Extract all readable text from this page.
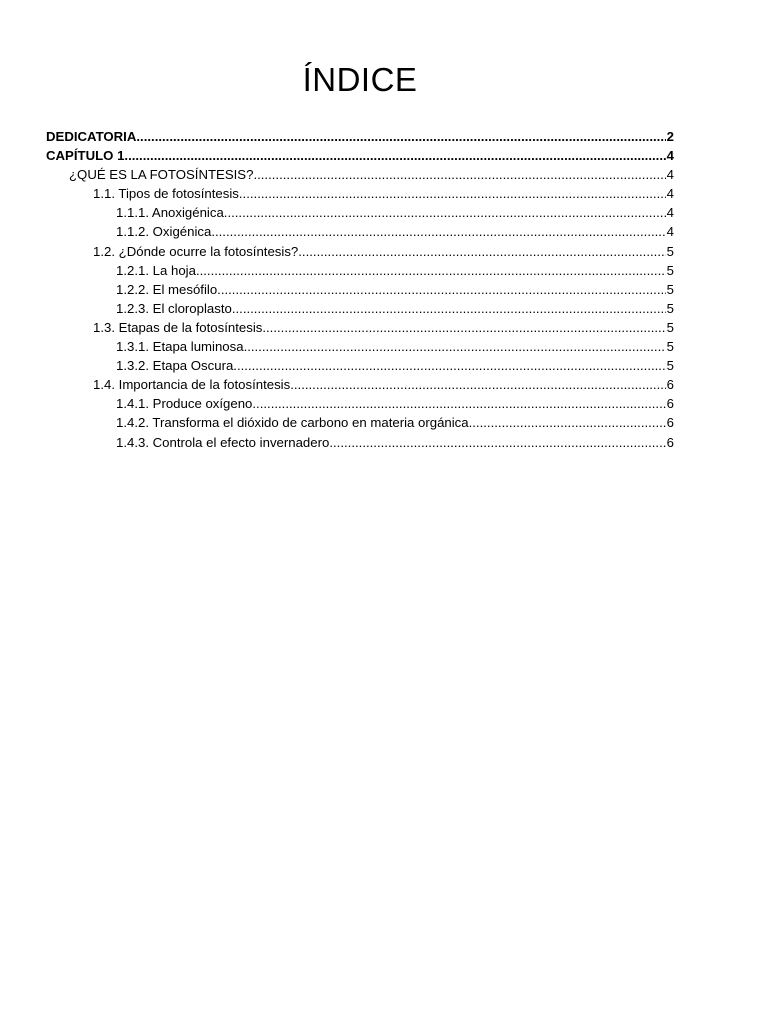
ÍNDICE
DEDICATORIA .....	2
CAPÍTULO 1 .....	4
¿QUÉ ES LA FOTOSÍNTESIS? .....	4
1.1. Tipos de fotosíntesis .....	4
1.1.1. Anoxigénica .....	4
1.1.2. Oxigénica .....	4
1.2. ¿Dónde ocurre la fotosíntesis? .....	5
1.2.1. La hoja .....	5
1.2.2. El mesófilo .....	5
1.2.3. El cloroplasto .....	5
1.3. Etapas de la fotosíntesis .....	5
1.3.1. Etapa luminosa .....	5
1.3.2. Etapa Oscura .....	5
1.4. Importancia de la fotosíntesis .....	6
1.4.1. Produce oxígeno .....	6
1.4.2. Transforma el dióxido de carbono en materia orgánica .....	6
1.4.3. Controla el efecto invernadero .....	6
